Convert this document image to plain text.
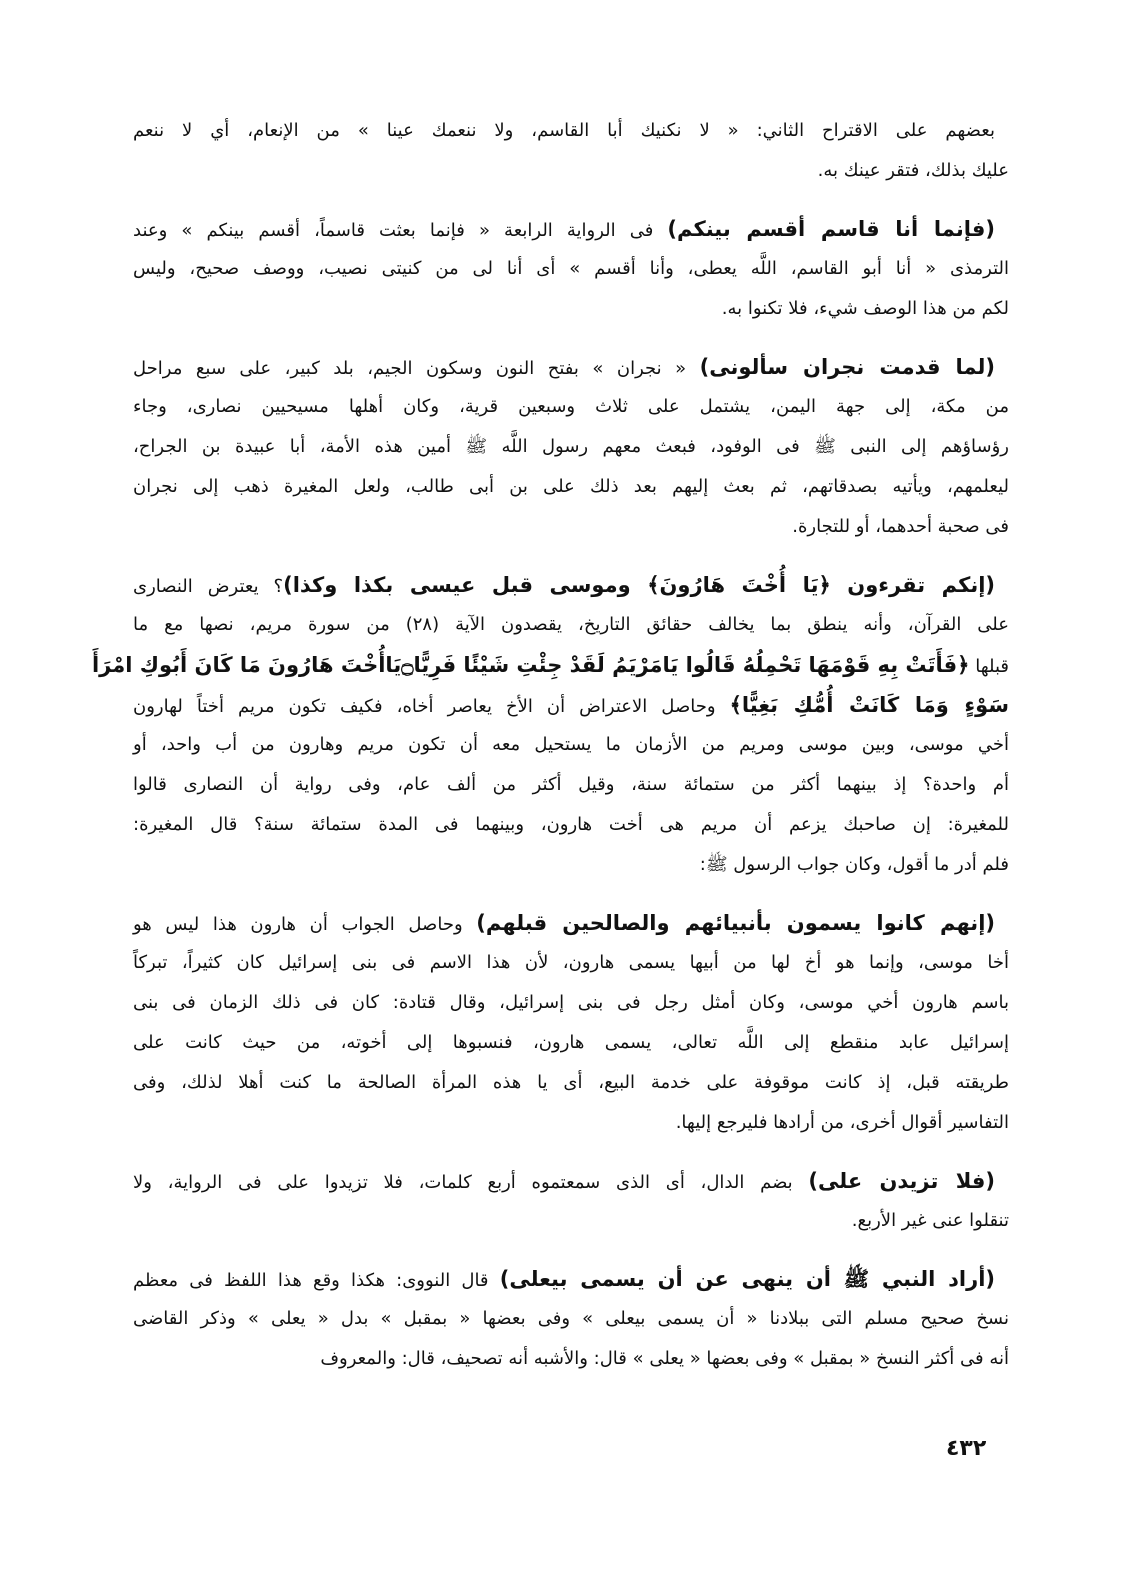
بعضهم على الاقتراح الثاني: « لا نكنيك أبا القاسم، ولا ننعمك عينا » من الإنعام، أي لا ننعم
عليك بذلك، فتقر عينك به.
(فإنما أنا قاسم أقسم بينكم) فى الرواية الرابعة « فإنما بعثت قاسماً، أقسم بينكم » وعند
الترمذى « أنا أبو القاسم، اللَّه يعطى، وأنا أقسم » أى أنا لى من كنيتى نصيب، ووصف صحيح، وليس
لكم من هذا الوصف شيء، فلا تكنوا به.
(لما قدمت نجران سألونى) « نجران » بفتح النون وسكون الجيم، بلد كبير، على سبع مراحل
من مكة، إلى جهة اليمن، يشتمل على ثلاث وسبعين قرية، وكان أهلها مسيحيين نصارى، وجاء
رؤساؤهم إلى النبى ﷺ فى الوفود، فبعث معهم رسول اللَّه ﷺ أمين هذه الأمة، أبا عبيدة بن الجراح،
ليعلمهم، ويأتيه بصدقاتهم، ثم بعث إليهم بعد ذلك على بن أبى طالب، ولعل المغيرة ذهب إلى نجران
فى صحبة أحدهما، أو للتجارة.
(إنكم تقرءون ﴿يَا أُخْتَ هَارُونَ﴾ وموسى قبل عيسى بكذا وكذا)؟ يعترض النصارى
على القرآن، وأنه ينطق بما يخالف حقائق التاريخ، يقصدون الآية (٢٨) من سورة مريم، نصها مع ما
قبلها ﴿فَأَتَتْ بِهِ قَوْمَهَا تَحْمِلُهُ قَالُوا يَامَرْيَمُ لَقَدْ جِئْتِ شَيْئًا فَرِيًّا۝يَاأُخْتَ هَارُونَ مَا كَانَ أَبُوكِ امْرَأَ
سَوْءٍ وَمَا كَانَتْ أُمُّكِ بَغِيًّا﴾ وحاصل الاعتراض أن الأخ يعاصر أخاه، فكيف تكون مريم أختاً لهارون
أخي موسى، وبين موسى ومريم من الأزمان ما يستحيل معه أن تكون مريم وهارون من أب واحد، أو
أم واحدة؟ إذ بينهما أكثر من ستمائة سنة، وقيل أكثر من ألف عام، وفى رواية أن النصارى قالوا
للمغيرة: إن صاحبك يزعم أن مريم هى أخت هارون، وبينهما فى المدة ستمائة سنة؟ قال المغيرة:
فلم أدر ما أقول، وكان جواب الرسول ﷺ:
(إنهم كانوا يسمون بأنبيائهم والصالحين قبلهم) وحاصل الجواب أن هارون هذا ليس هو
أخا موسى، وإنما هو أخ لها من أبيها يسمى هارون، لأن هذا الاسم فى بنى إسرائيل كان كثيراً، تبركاً
باسم هارون أخي موسى، وكان أمثل رجل فى بنى إسرائيل، وقال قتادة: كان فى ذلك الزمان فى بنى
إسرائيل عابد منقطع إلى اللَّه تعالى، يسمى هارون، فنسبوها إلى أخوته، من حيث كانت على
طريقته قبل، إذ كانت موقوفة على خدمة البيع، أى يا هذه المرأة الصالحة ما كنت أهلا لذلك، وفى
التفاسير أقوال أخرى، من أرادها فليرجع إليها.
(فلا تزيدن على) بضم الدال، أى الذى سمعتموه أربع كلمات، فلا تزيدوا على فى الرواية، ولا
تنقلوا عنى غير الأربع.
(أراد النبي ﷺ أن ينهى عن أن يسمى بيعلى) قال النووى: هكذا وقع هذا اللفظ فى معظم
نسخ صحيح مسلم التى ببلادنا « أن يسمى بيعلى » وفى بعضها « بمقبل » بدل « يعلى » وذكر القاضى
أنه فى أكثر النسخ « بمقبل » وفى بعضها « يعلى » قال: والأشبه أنه تصحيف، قال: والمعروف
٤٣٢
